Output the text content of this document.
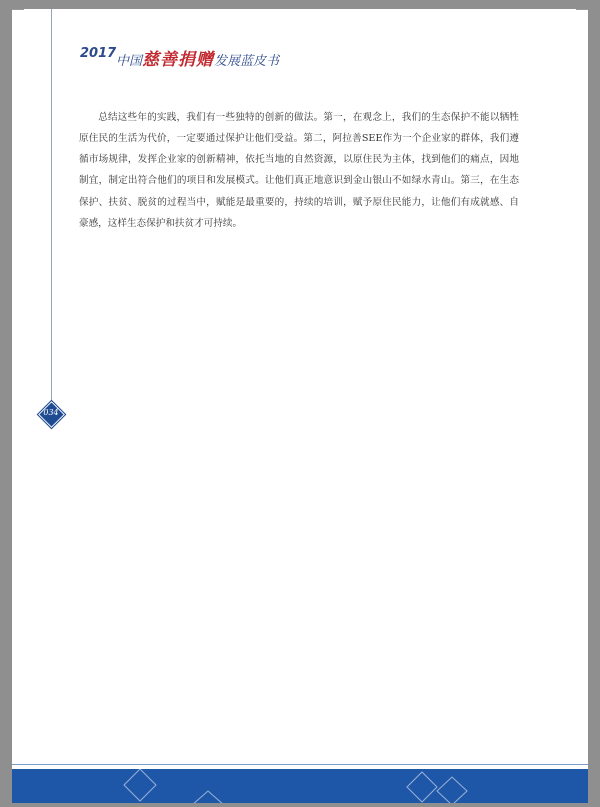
2017
中国慈善捐赠发展蓝皮书

总结这些年的实践，我们有一些独特的创新的做法。第一，在观念上，我们的生态保护不能以牺牲原住民的生活为代价，一定要通过保护让他们受益。第二，阿拉善SEE作为一个企业家的群体，我们遵循市场规律，发挥企业家的创新精神，依托当地的自然资源，以原住民为主体，找到他们的痛点，因地制宜，制定出符合他们的项目和发展模式。让他们真正地意识到金山银山不如绿水青山。第三，在生态保护、扶贫、脱贫的过程当中，赋能是最重要的，持续的培训，赋予原住民能力，让他们有成就感、自豪感，这样生态保护和扶贫才可持续。

034
